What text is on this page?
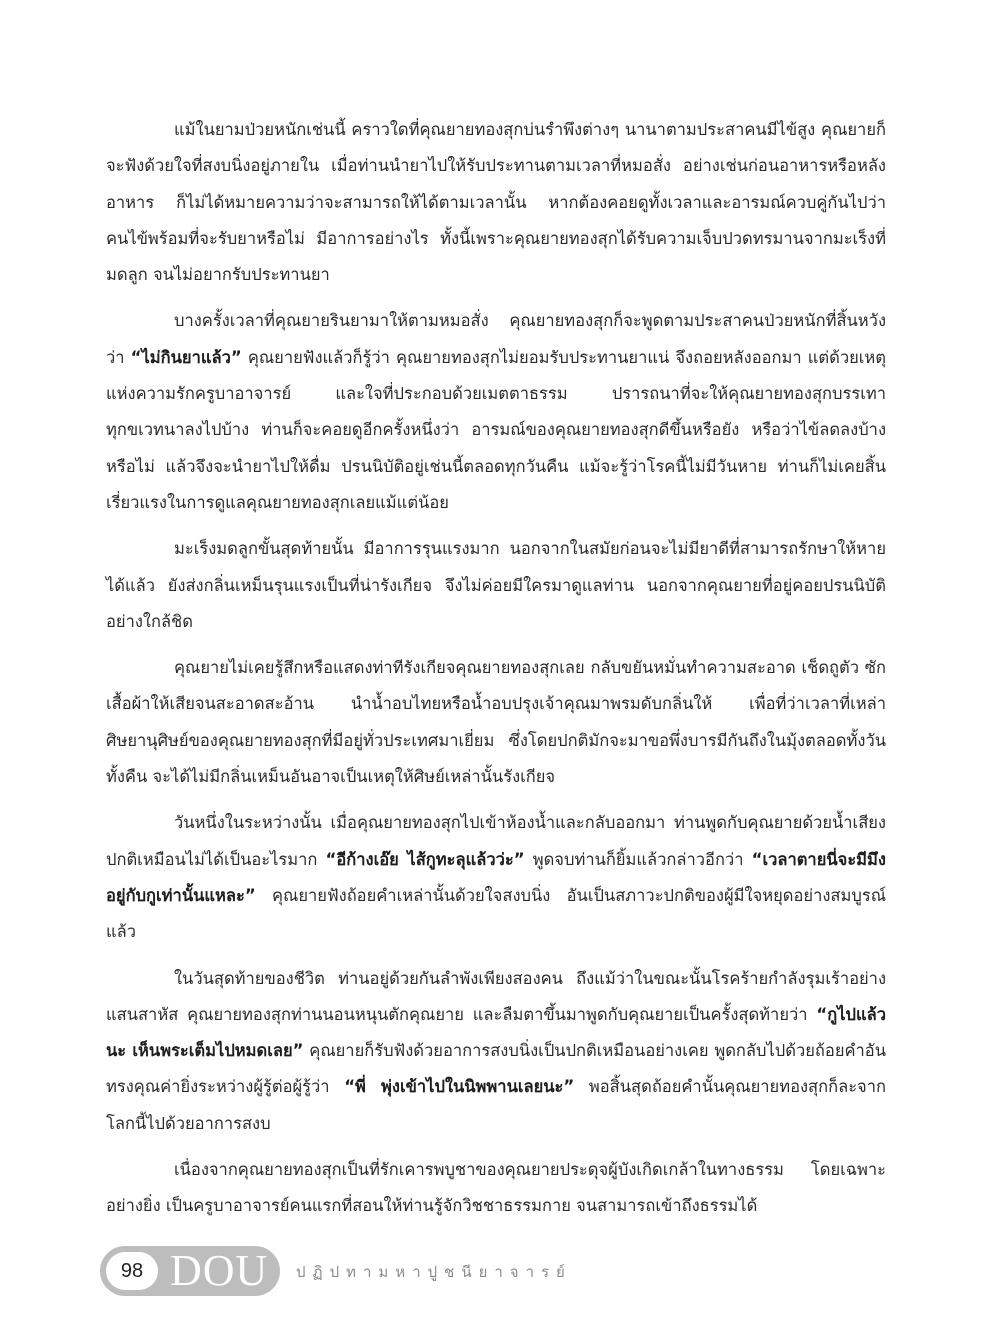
แม้ในยามป่วยหนักเช่นนี้ คราวใดที่คุณยายทองสุกบ่นรำพึงต่างๆ นานาตามประสาคนมีไข้สูง คุณยายก็จะฟังด้วยใจที่สงบนิ่งอยู่ภายใน เมื่อท่านนำยาไปให้รับประทานตามเวลาที่หมอสั่ง อย่างเช่นก่อนอาหารหรือหลังอาหาร ก็ไม่ได้หมายความว่าจะสามารถให้ได้ตามเวลานั้น หากต้องคอยดูทั้งเวลาและอารมณ์ควบคู่กันไปว่า คนไข้พร้อมที่จะรับยาหรือไม่ มีอาการอย่างไร ทั้งนี้เพราะคุณยายทองสุกได้รับความเจ็บปวดทรมานจากมะเร็งที่มดลูก จนไม่อยากรับประทานยา

บางครั้งเวลาที่คุณยายรินยามาให้ตามหมอสั่ง คุณยายทองสุกก็จะพูดตามประสาคนป่วยหนักที่สิ้นหวังว่า “ไม่กินยาแล้ว” คุณยายฟังแล้วก็รู้ว่า คุณยายทองสุกไม่ยอมรับประทานยาแน่ จึงถอยหลังออกมา แต่ด้วยเหตุแห่งความรักครูบาอาจารย์ และใจที่ประกอบด้วยเมตตาธรรม ปรารถนาที่จะให้คุณยายทองสุกบรรเทาทุกขเวทนาลงไปบ้าง ท่านก็จะคอยดูอีกครั้งหนึ่งว่า อารมณ์ของคุณยายทองสุกดีขึ้นหรือยัง หรือว่าไข้ลดลงบ้างหรือไม่ แล้วจึงจะนำยาไปให้ดื่ม ปรนนิบัติอยู่เช่นนี้ตลอดทุกวันคืน แม้จะรู้ว่าโรคนี้ไม่มีวันหาย ท่านก็ไม่เคยสิ้นเรี่ยวแรงในการดูแลคุณยายทองสุกเลยแม้แต่น้อย

มะเร็งมดลูกขั้นสุดท้ายนั้น มีอาการรุนแรงมาก นอกจากในสมัยก่อนจะไม่มียาดีที่สามารถรักษาให้หายได้แล้ว ยังส่งกลิ่นเหม็นรุนแรงเป็นที่น่ารังเกียจ จึงไม่ค่อยมีใครมาดูแลท่าน นอกจากคุณยายที่อยู่คอยปรนนิบัติอย่างใกล้ชิด

คุณยายไม่เคยรู้สึกหรือแสดงท่าทีรังเกียจคุณยายทองสุกเลย กลับขยันหมั่นทำความสะอาด เช็ดถูตัว ซักเสื้อผ้าให้เสียจนสะอาดสะอ้าน นำน้ำอบไทยหรือน้ำอบปรุงเจ้าคุณมาพรมดับกลิ่นให้ เพื่อที่ว่าเวลาที่เหล่าศิษยานุศิษย์ของคุณยายทองสุกที่มีอยู่ทั่วประเทศมาเยี่ยม ซึ่งโดยปกติมักจะมาขอพึ่งบารมีกันถึงในมุ้งตลอดทั้งวันทั้งคืน จะได้ไม่มีกลิ่นเหม็นอันอาจเป็นเหตุให้ศิษย์เหล่านั้นรังเกียจ

วันหนึ่งในระหว่างนั้น เมื่อคุณยายทองสุกไปเข้าห้องน้ำและกลับออกมา ท่านพูดกับคุณยายด้วยน้ำเสียงปกติเหมือนไม่ได้เป็นอะไรมาก “อีก้างเอ๊ย ไส้กูทะลุแล้วว่ะ” พูดจบท่านก็ยิ้มแล้วกล่าวอีกว่า “เวลาตายนี่จะมีมึงอยู่กับกูเท่านั้นแหละ” คุณยายฟังถ้อยคำเหล่านั้นด้วยใจสงบนิ่ง อันเป็นสภาวะปกติของผู้มีใจหยุดอย่างสมบูรณ์แล้ว

ในวันสุดท้ายของชีวิต ท่านอยู่ด้วยกันลำพังเพียงสองคน ถึงแม้ว่าในขณะนั้นโรคร้ายกำลังรุมเร้าอย่างแสนสาหัส คุณยายทองสุกท่านนอนหนุนตักคุณยาย และลืมตาขึ้นมาพูดกับคุณยายเป็นครั้งสุดท้ายว่า “กูไปแล้วนะ เห็นพระเต็มไปหมดเลย” คุณยายก็รับฟังด้วยอาการสงบนิ่งเป็นปกติเหมือนอย่างเคย พูดกลับไปด้วยถ้อยคำอันทรงคุณค่ายิ่งระหว่างผู้รู้ต่อผู้รู้ว่า “พี่ พุ่งเข้าไปในนิพพานเลยนะ” พอสิ้นสุดถ้อยคำนั้นคุณยายทองสุกก็ละจากโลกนี้ไปด้วยอาการสงบ

เนื่องจากคุณยายทองสุกเป็นที่รักเคารพบูชาของคุณยายประดุจผู้บังเกิดเกล้าในทางธรรม โดยเฉพาะอย่างยิ่ง เป็นครูบาอาจารย์คนแรกที่สอนให้ท่านรู้จักวิชชาธรรมกาย จนสามารถเข้าถึงธรรมได้

98 DOU ปฏิปทามหาปูชนียาจารย์
